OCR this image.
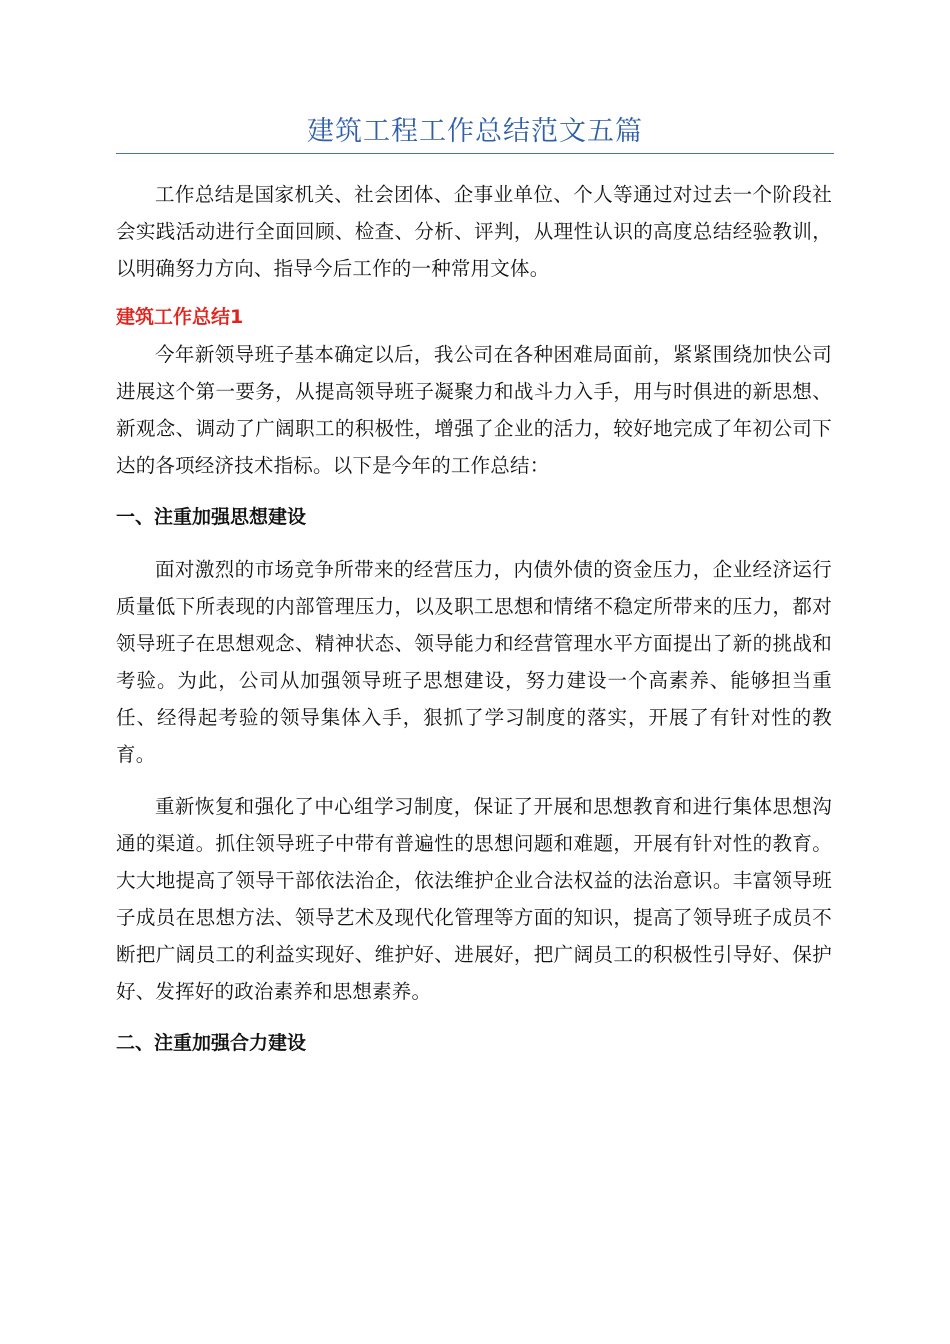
建筑工程工作总结范文五篇

工作总结是国家机关、社会团体、企事业单位、个人等通过对过去一个阶段社会实践活动进行全面回顾、检查、分析、评判，从理性认识的高度总结经验教训，以明确努力方向、指导今后工作的一种常用文体。

建筑工作总结1

今年新领导班子基本确定以后，我公司在各种困难局面前，紧紧围绕加快公司进展这个第一要务，从提高领导班子凝聚力和战斗力入手，用与时俱进的新思想、新观念、调动了广阔职工的积极性，增强了企业的活力，较好地完成了年初公司下达的各项经济技术指标。以下是今年的工作总结：

一、注重加强思想建设

面对激烈的市场竞争所带来的经营压力，内债外债的资金压力，企业经济运行质量低下所表现的内部管理压力，以及职工思想和情绪不稳定所带来的压力，都对领导班子在思想观念、精神状态、领导能力和经营管理水平方面提出了新的挑战和考验。为此，公司从加强领导班子思想建设，努力建设一个高素养、能够担当重任、经得起考验的领导集体入手，狠抓了学习制度的落实，开展了有针对性的教育。

重新恢复和强化了中心组学习制度，保证了开展和思想教育和进行集体思想沟通的渠道。抓住领导班子中带有普遍性的思想问题和难题，开展有针对性的教育。大大地提高了领导干部依法治企，依法维护企业合法权益的法治意识。丰富领导班子成员在思想方法、领导艺术及现代化管理等方面的知识，提高了领导班子成员不断把广阔员工的利益实现好、维护好、进展好，把广阔员工的积极性引导好、保护好、发挥好的政治素养和思想素养。

二、注重加强合力建设
